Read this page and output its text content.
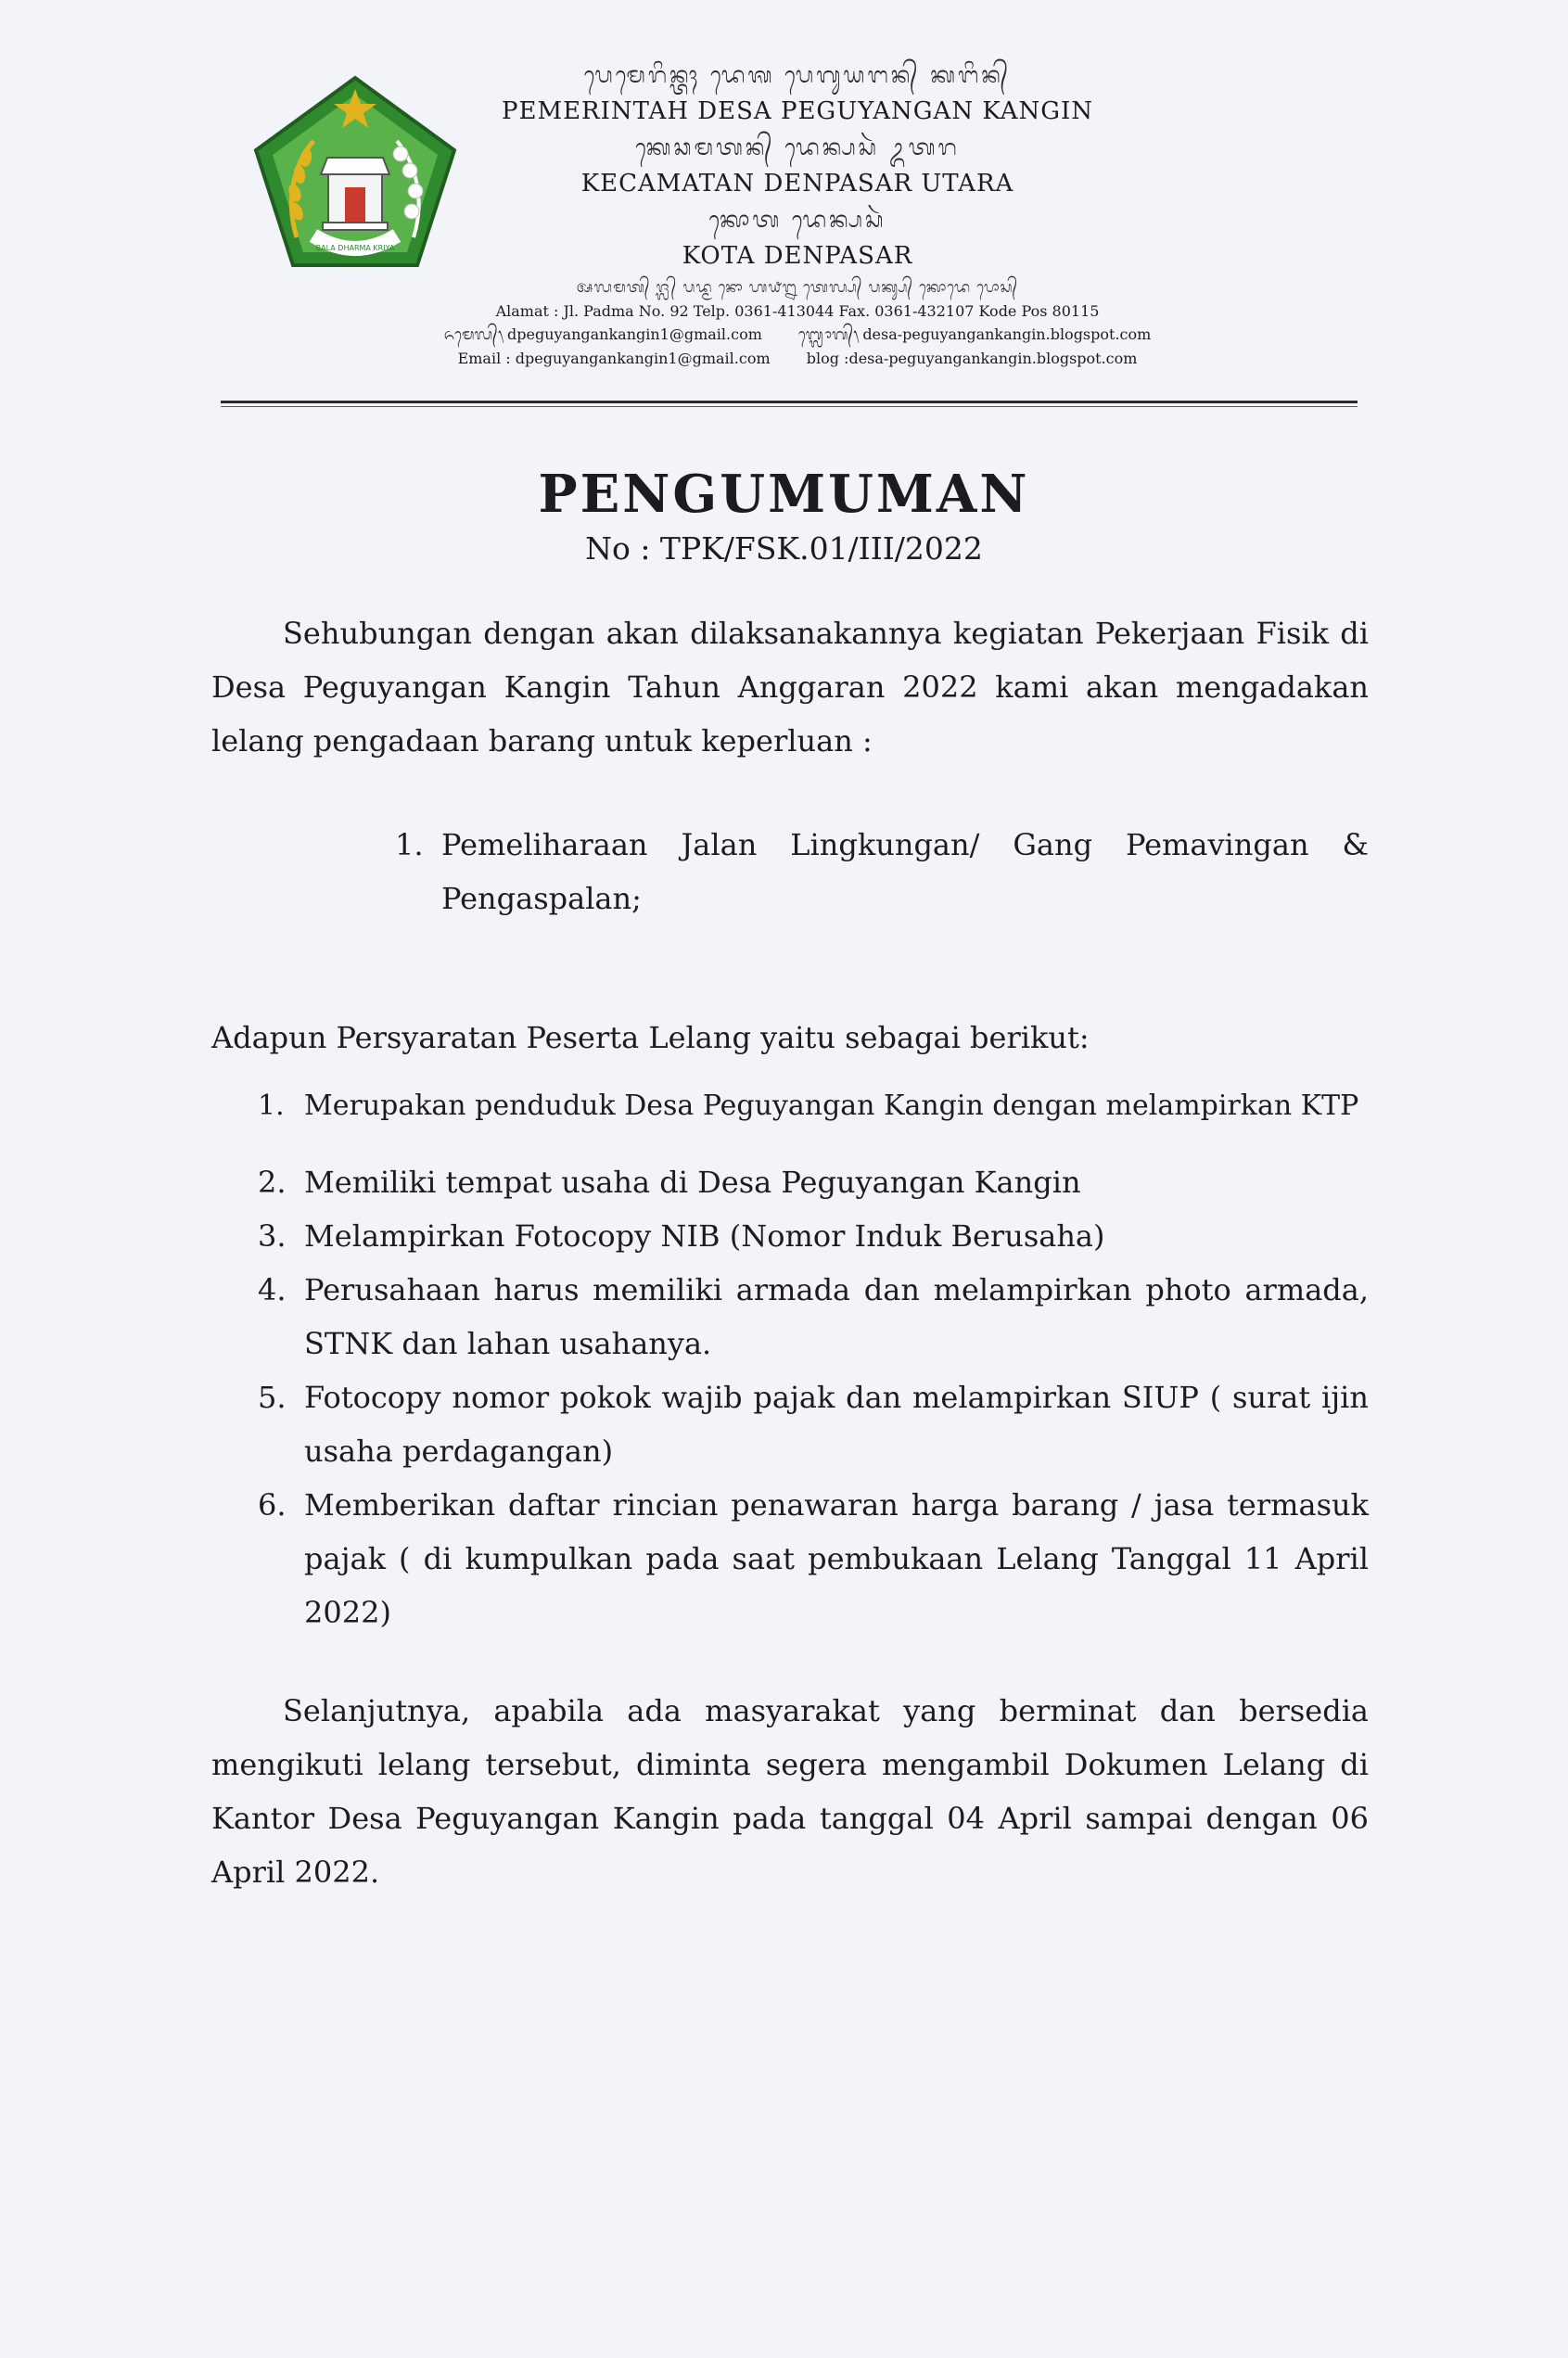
BALA DHARMA KRIYA
ᬧᬾᬫᬾᬭᬶᬦ᭄ᬢᬄ ᬤᬾᬰ ᬧᬾᬕᬸᬬᬗᬦ᭄ ᬓᬗᬶᬦ᭄
PEMERINTAH DESA PEGUYANGAN KANGIN
ᬓᬾᬘᬫᬢᬦ᭄ ᬤᬾᬦ᭄ᬧᬲᬃ ᬉᬢᬭ
KECAMATAN DENPASAR UTARA
ᬓᭀᬢ ᬤᬾᬦ᭄ᬧᬲᬃ
KOTA DENPASAR
ᬅᬮᬫᬢ᭄ ᬚ᭄ᬮ᭄ ᬧᬤ᭄ᬫ ᬦᭀ ᬳ᭙᭒ ᬢᬾᬮ᭄ᬧ᭄ ᬧᬓ᭄ᬲ᭄ ᬓᭀᬤᬾ ᬧᭀᬲ᭄
Alamat : Jl. Padma No. 92 Telp. 0361-413044 Fax. 0361-432107 Kode Pos 80115
ᬏᬫᬾᬮ᭄᭞ dpeguyangankangin1@gmail.com ᬩ᭄ᬮᭀᬕ᭄᭞ desa-peguyangankangin.blogspot.com
Email : dpeguyangankangin1@gmail.com blog :desa-peguyangankangin.blogspot.com
PENGUMUMAN
No : TPK/FSK.01/III/2022

Sehubungan dengan akan dilaksanakannya kegiatan Pekerjaan Fisik di Desa Peguyangan Kangin Tahun Anggaran 2022 kami akan mengadakan lelang pengadaan barang untuk keperluan :

1. Pemeliharaan Jalan Lingkungan/ Gang Pemavingan & Pengaspalan;

Adapun Persyaratan Peserta Lelang yaitu sebagai berikut:

1. Merupakan penduduk Desa Peguyangan Kangin dengan melampirkan KTP
2. Memiliki tempat usaha di Desa Peguyangan Kangin
3. Melampirkan Fotocopy NIB (Nomor Induk Berusaha)
4. Perusahaan harus memiliki armada dan melampirkan photo armada, STNK dan lahan usahanya.
5. Fotocopy nomor pokok wajib pajak dan melampirkan SIUP ( surat ijin usaha perdagangan)
6. Memberikan daftar rincian penawaran harga barang / jasa termasuk pajak ( di kumpulkan pada saat pembukaan Lelang Tanggal 11 April 2022)

Selanjutnya, apabila ada masyarakat yang berminat dan bersedia mengikuti lelang tersebut, diminta segera mengambil Dokumen Lelang di Kantor Desa Peguyangan Kangin pada tanggal 04 April sampai dengan 06 April 2022.
